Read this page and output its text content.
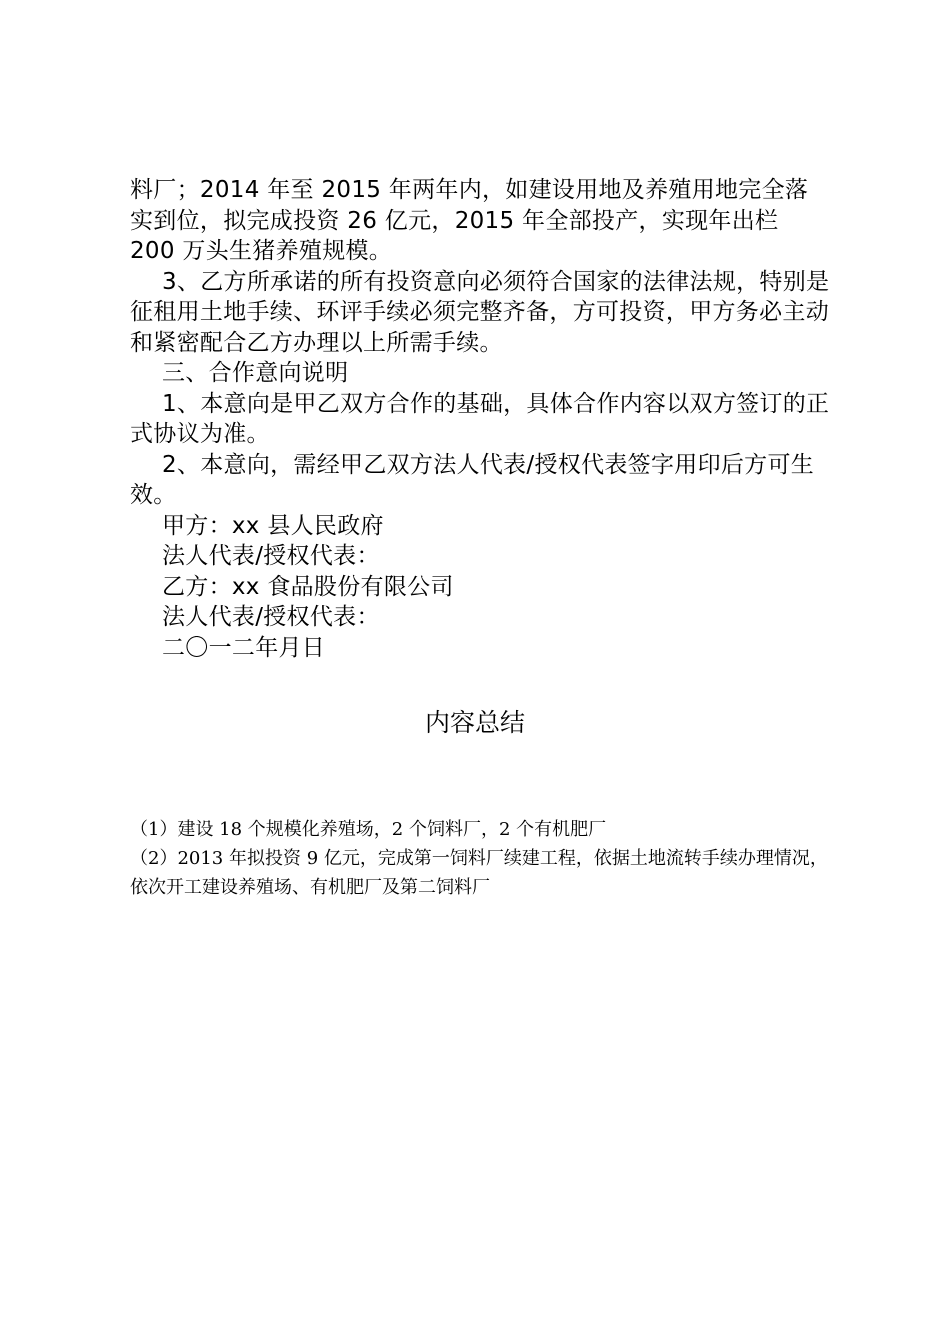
料厂；2014 年至 2015 年两年内，如建设用地及养殖用地完全落实到位，拟完成投资 26 亿元，2015 年全部投产，实现年出栏 200 万头生猪养殖规模。

3、乙方所承诺的所有投资意向必须符合国家的法律法规，特别是征租用土地手续、环评手续必须完整齐备，方可投资，甲方务必主动和紧密配合乙方办理以上所需手续。

三、合作意向说明

1、本意向是甲乙双方合作的基础，具体合作内容以双方签订的正式协议为准。

2、本意向，需经甲乙双方法人代表/授权代表签字用印后方可生效。

甲方：xx 县人民政府

法人代表/授权代表：

乙方：xx 食品股份有限公司

法人代表/授权代表：

二〇一二年月日

内容总结

（1）建设 18 个规模化养殖场，2 个饲料厂，2 个有机肥厂

（2）2013 年拟投资 9 亿元，完成第一饲料厂续建工程，依据土地流转手续办理情况，依次开工建设养殖场、有机肥厂及第二饲料厂
